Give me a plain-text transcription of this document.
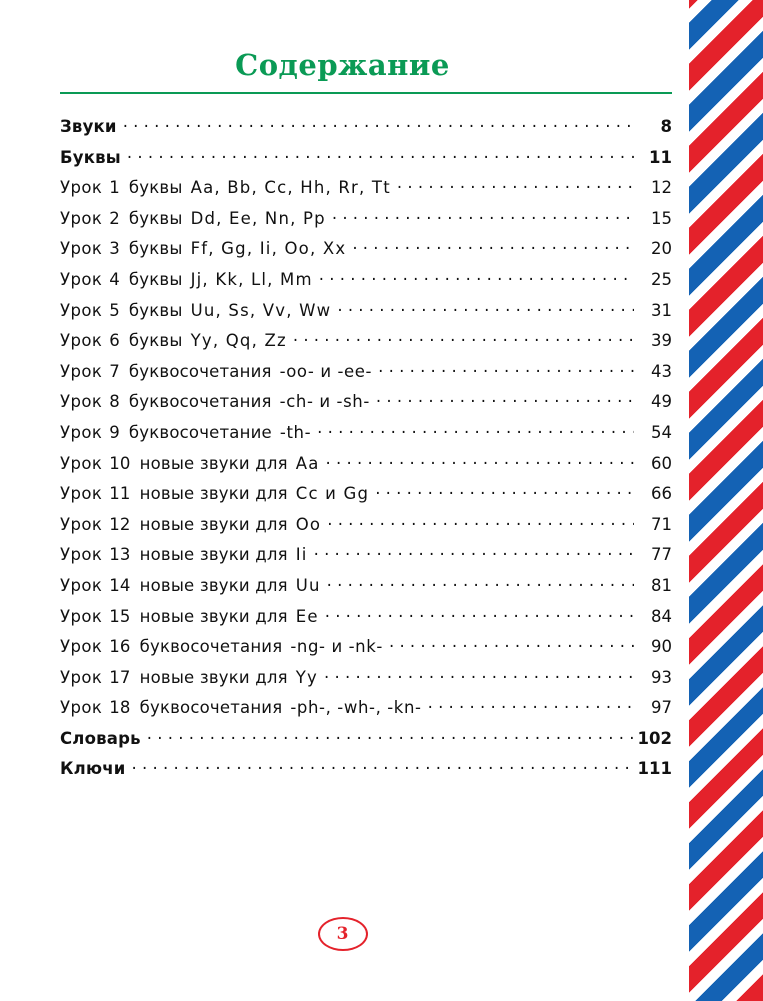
Содержание
Звуки . . .	8
Буквы . . .	11
Урок 1 буквы Aa, Bb, Cc, Hh, Rr, Tt . . .	12
Урок 2 буквы Dd, Ee, Nn, Pp . . .	15
Урок 3 буквы Ff, Gg, Ii, Oo, Xx . . .	20
Урок 4 буквы Jj, Kk, Ll, Mm . . .	25
Урок 5 буквы Uu, Ss, Vv, Ww . . .	31
Урок 6 буквы Yy, Qq, Zz . . .	39
Урок 7 буквосочетания -oo- и -ee- . . .	43
Урок 8 буквосочетания -ch- и -sh- . . .	49
Урок 9 буквосочетание -th- . . .	54
Урок 10 новые звуки для Aa . . .	60
Урок 11 новые звуки для Cc и Gg . . .	66
Урок 12 новые звуки для Oo . . .	71
Урок 13 новые звуки для Ii . . .	77
Урок 14 новые звуки для Uu . . .	81
Урок 15 новые звуки для Ee . . .	84
Урок 16 буквосочетания -ng- и -nk- . . .	90
Урок 17 новые звуки для Yy . . .	93
Урок 18 буквосочетания -ph-, -wh-, -kn- . . .	97
Словарь . . .	102
Ключи . . .	111
3
